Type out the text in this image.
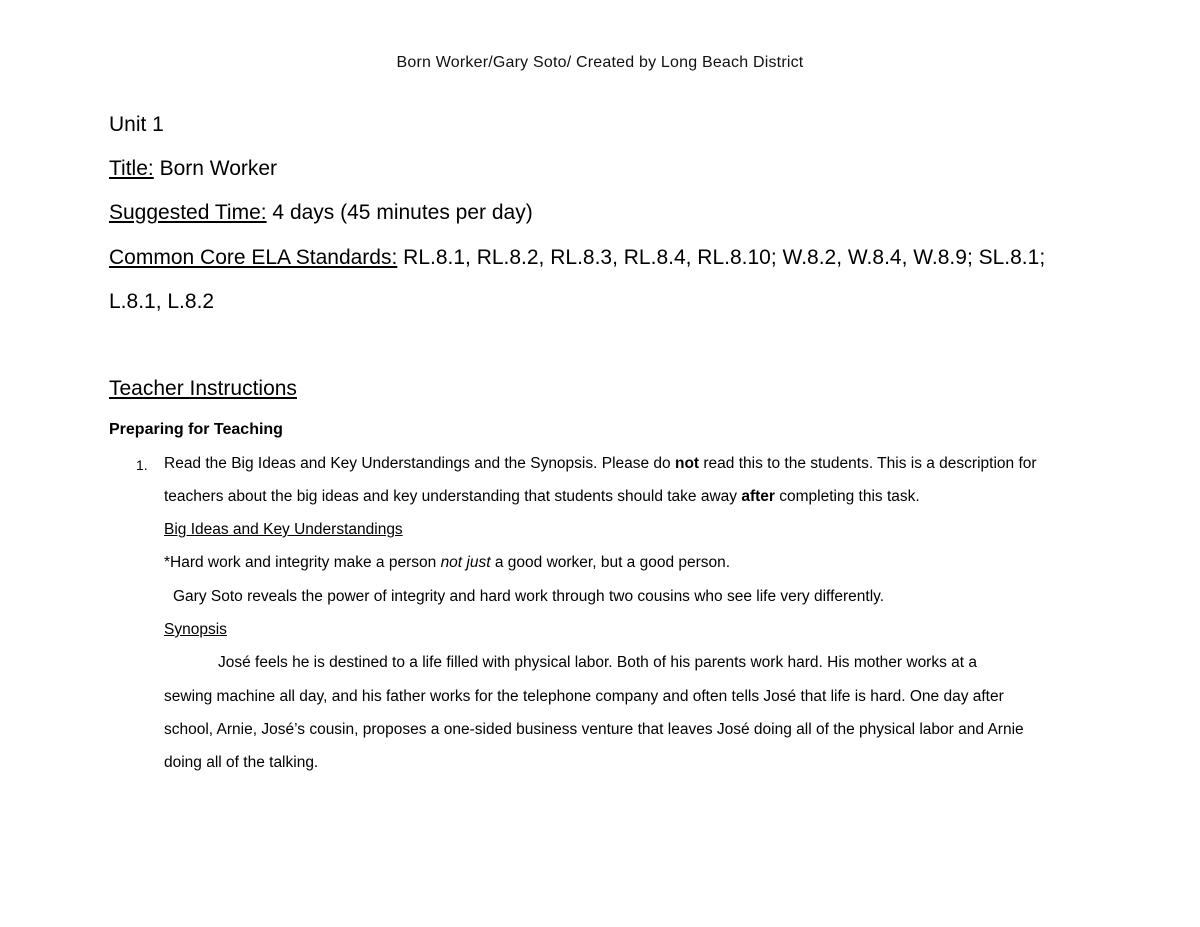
Born Worker/Gary Soto/ Created by Long Beach District
Unit 1
Title: Born Worker
Suggested Time: 4 days (45 minutes per day)
Common Core ELA Standards: RL.8.1, RL.8.2, RL.8.3, RL.8.4, RL.8.10; W.8.2, W.8.4, W.8.9; SL.8.1;
L.8.1, L.8.2
Teacher Instructions
Preparing for Teaching
1. Read the Big Ideas and Key Understandings and the Synopsis. Please do not read this to the students. This is a description for
teachers about the big ideas and key understanding that students should take away after completing this task.
Big Ideas and Key Understandings
*Hard work and integrity make a person not just a good worker, but a good person.
Gary Soto reveals the power of integrity and hard work through two cousins who see life very differently.
Synopsis
José feels he is destined to a life filled with physical labor. Both of his parents work hard. His mother works at a
sewing machine all day, and his father works for the telephone company and often tells José that life is hard. One day after
school, Arnie, José’s cousin, proposes a one-sided business venture that leaves José doing all of the physical labor and Arnie
doing all of the talking.
